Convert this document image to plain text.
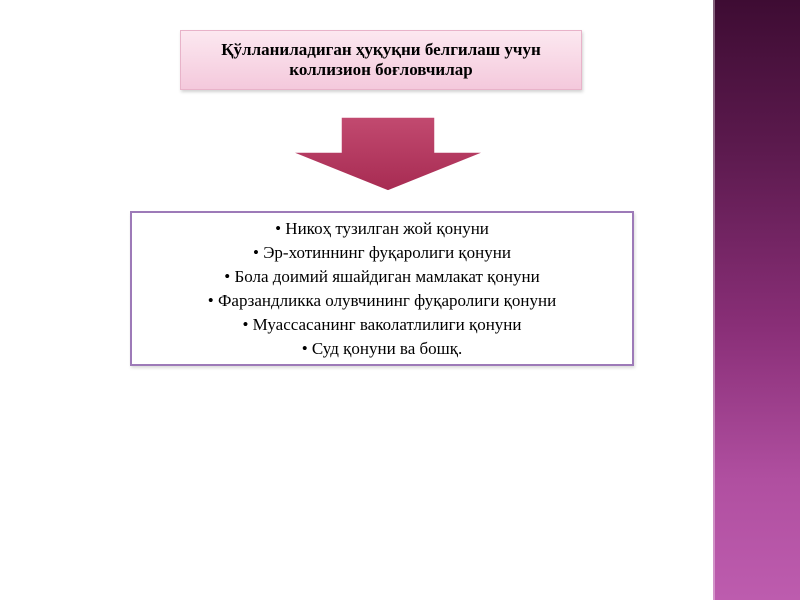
Қўлланиладиган ҳуқуқни белгилаш учун
коллизион боғловчилар
• Никоҳ тузилган жой қонуни
• Эр-хотиннинг фуқаролиги қонуни
• Бола доимий яшайдиган мамлакат қонуни
• Фарзандликка олувчининг фуқаролиги қонуни
• Муассасанинг ваколатлилиги қонуни
• Суд қонуни ва бошқ.
